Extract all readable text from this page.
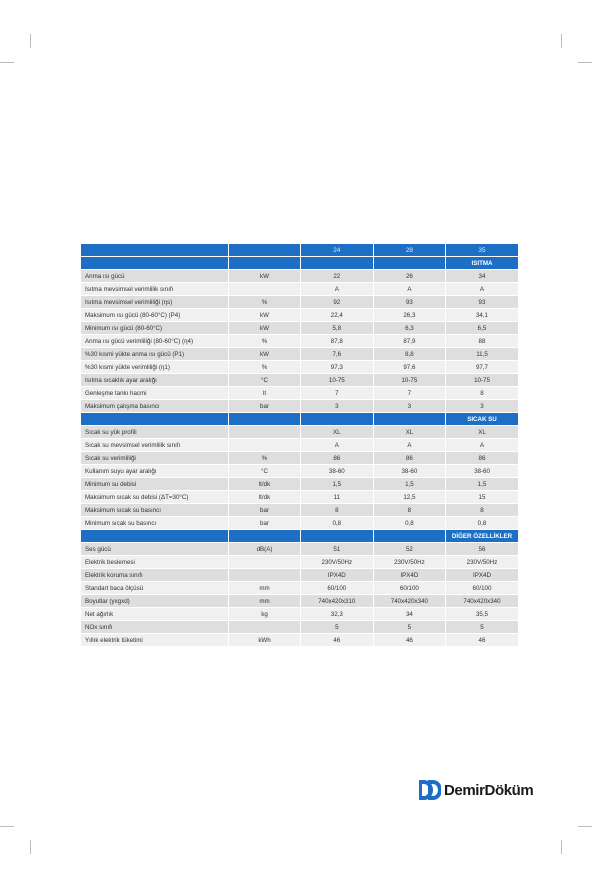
		24	28	35
				ISITMA
Anma ısı gücü	kW	22	26	34
Isıtma mevsimsel verimlilik sınıfı		A	A	A
Isıtma mevsimsel verimliliği (ηs)	%	92	93	93
Maksimum ısı gücü (80-60°C) (P4)	kW	22,4	26,3	34,1
Minimum ısı gücü (80-60°C)	kW	5,8	6,3	6,5
Anma ısı gücü verimliliği (80-60°C) (η4)	%	87,8	87,9	88
%30 kısmi yükte anma ısı gücü (P1)	kW	7,6	8,8	11,5
%30 kısmi yükte verimliliği (η1)	%	97,3	97,6	97,7
Isıtma sıcaklık ayar aralığı	°C	10-75	10-75	10-75
Genleşme tankı hacmi	lt	7	7	8
Maksimum çalışma basıncı	bar	3	3	3
				SICAK SU
Sıcak su yük profili		XL	XL	XL
Sıcak su mevsimsel verimlilik sınıfı		A	A	A
Sıcak su verimliliği	%	86	86	86
Kullanım suyu ayar aralığı	°C	38-60	38-60	38-60
Minimum su debisi	lt/dk	1,5	1,5	1,5
Maksimum sıcak su debisi (ΔT=30°C)	lt/dk	11	12,5	15
Maksimum sıcak su basıncı	bar	8	8	8
Minimum sıcak su basıncı	bar	0,8	0,8	0,8
				DİĞER ÖZELLİKLER
Ses gücü	dB(A)	51	52	56
Elektrik beslemesi		230V/50Hz	230V/50Hz	230V/50Hz
Elektrik koruma sınıfı		IPX4D	IPX4D	IPX4D
Standart baca ölçüsü	mm	60/100	60/100	60/100
Boyutlar (yxgxd)	mm	740x420x310	740x420x340	740x420x340
Net ağırlık	kg	32,3	34	35,5
NOx sınıfı		5	5	5
Yıllık elektrik tüketimi	kWh	46	46	46
DemirDöküm
